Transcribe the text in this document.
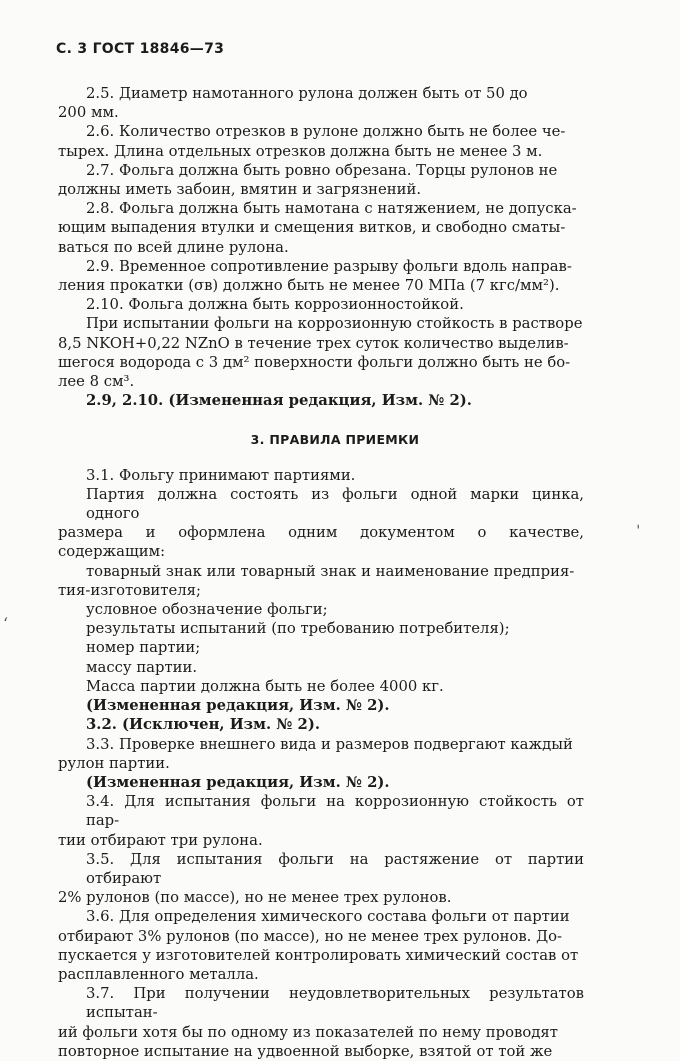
С. 3 ГОСТ 18846—73

2.5. Диаметр намотанного рулона должен быть от 50 до

200 мм.

2.6. Количество отрезков в рулоне должно быть не более че-

тырех. Длина отдельных отрезков должна быть не менее 3 м.

2.7. Фольга должна быть ровно обрезана. Торцы рулонов не

должны иметь забоин, вмятин и загрязнений.

2.8. Фольга должна быть намотана с натяжением, не допуска-

ющим выпадения втулки и смещения витков, и свободно сматы-

ваться по всей длине рулона.

2.9. Временное сопротивление разрыву фольги вдоль направ-

ления прокатки (σв) должно быть не менее 70 МПа (7 кгс/мм²).

2.10. Фольга должна быть коррозионностойкой.

При испытании фольги на коррозионную стойкость в растворе

8,5 NKOH+0,22 NZnO в течение трех суток количество выделив-

шегося водорода с 3 дм² поверхности фольги должно быть не бо-

лее 8 см³.

2.9, 2.10. (Измененная редакция, Изм. № 2).

3. ПРАВИЛА ПРИЕМКИ

3.1. Фольгу принимают партиями.

Партия должна состоять из фольги одной марки цинка, одного

размера и оформлена одним документом о качестве, содержащим:

товарный знак или товарный знак и наименование предприя-

тия-изготовителя;

условное обозначение фольги;

результаты испытаний (по требованию потребителя);

номер партии;

массу партии.

Масса партии должна быть не более 4000 кг.

(Измененная редакция, Изм. № 2).

3.2. (Исключен, Изм. № 2).

3.3. Проверке внешнего вида и размеров подвергают каждый

рулон партии.

(Измененная редакция, Изм. № 2).

3.4. Для испытания фольги на коррозионную стойкость от пар-

тии отбирают три рулона.

3.5. Для испытания фольги на растяжение от партии отбирают

2% рулонов (по массе), но не менее трех рулонов.

3.6. Для определения химического состава фольги от партии

отбирают 3% рулонов (по массе), но не менее трех рулонов. До-

пускается у изготовителей контролировать химический состав от

расплавленного металла.

3.7. При получении неудовлетворительных результатов испытан-

ий фольги хотя бы по одному из показателей по нему проводят

повторное испытание на удвоенной выборке, взятой от той же

ˈ
ʻ
